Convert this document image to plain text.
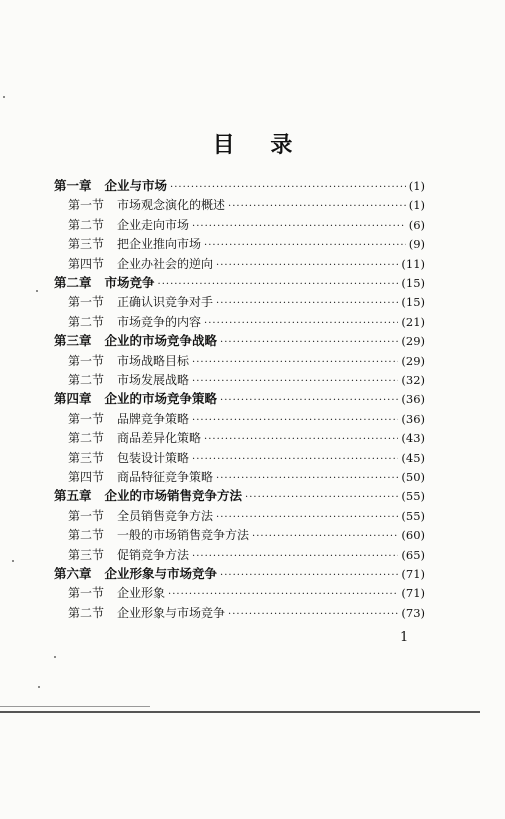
目 录
第一章 企业与市场 ·····	(1)
第一节 市场观念演化的概述 ·····	(1)
第二节 企业走向市场 ·····	(6)
第三节 把企业推向市场 ·····	(9)
第四节 企业办社会的逆向 ·····	(11)
第二章 市场竞争 ·····	(15)
第一节 正确认识竞争对手 ·····	(15)
第二节 市场竞争的内容 ·····	(21)
第三章 企业的市场竞争战略 ·····	(29)
第一节 市场战略目标 ·····	(29)
第二节 市场发展战略 ·····	(32)
第四章 企业的市场竞争策略 ·····	(36)
第一节 品牌竞争策略 ·····	(36)
第二节 商品差异化策略 ·····	(43)
第三节 包装设计策略 ·····	(45)
第四节 商品特征竞争策略 ·····	(50)
第五章 企业的市场销售竞争方法 ·····	(55)
第一节 全员销售竞争方法 ·····	(55)
第二节 一般的市场销售竞争方法 ·····	(60)
第三节 促销竞争方法 ·····	(65)
第六章 企业形象与市场竞争 ·····	(71)
第一节 企业形象 ·····	(71)
第二节 企业形象与市场竞争 ·····	(73)
1
